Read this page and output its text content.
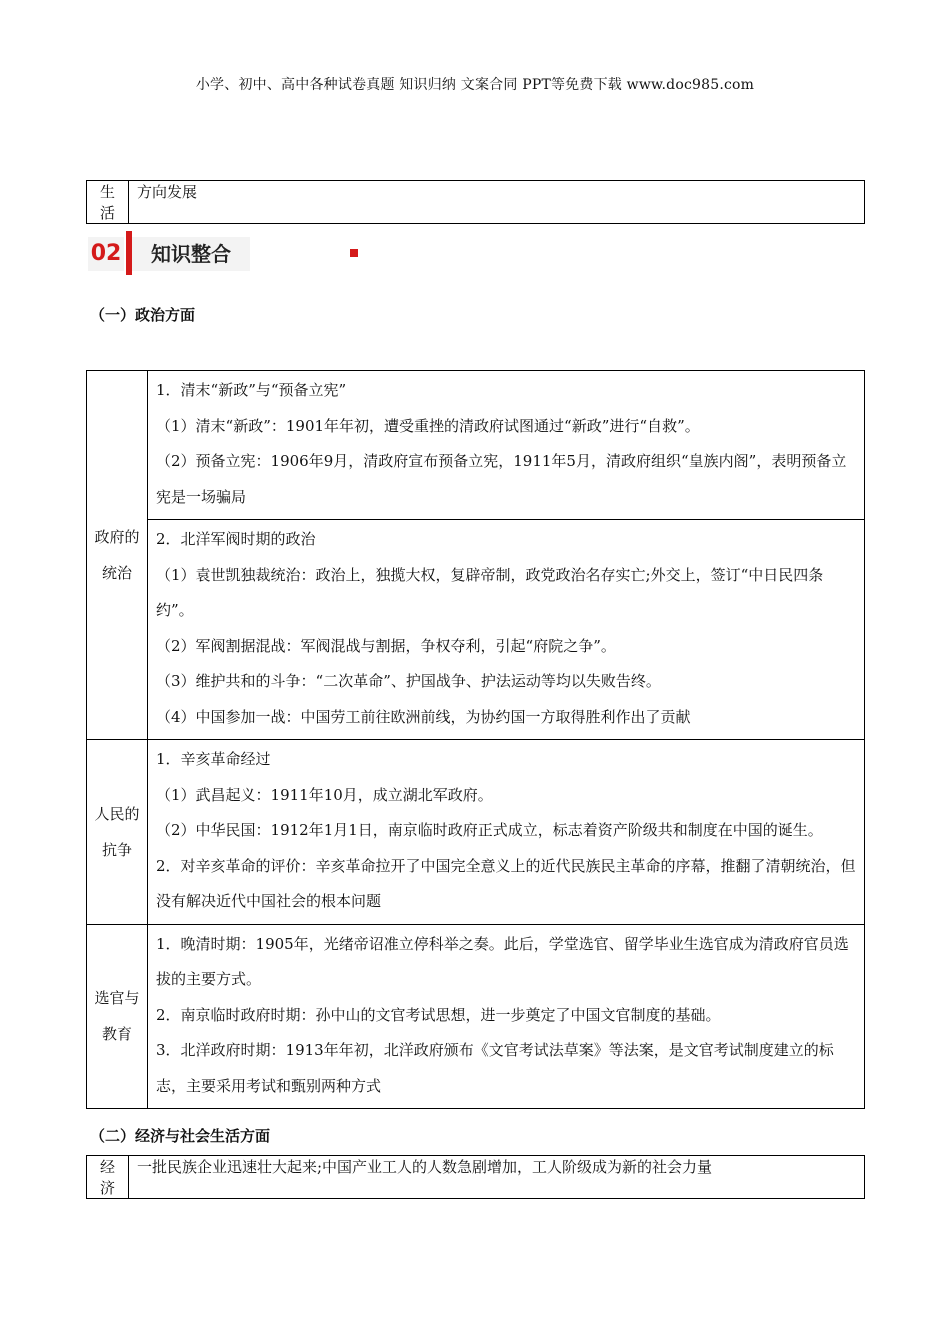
小学、初中、高中各种试卷真题 知识归纳 文案合同 PPT等免费下载 www.doc985.com
生活	方向发展
02	知识整合
（一）政治方面
政府的统治	1．清末“新政”与“预备立宪”
（1）清末“新政”：1901年年初，遭受重挫的清政府试图通过“新政”进行“自救”。
（2）预备立宪：1906年9月，清政府宣布预备立宪，1911年5月，清政府组织“皇族内阁”，表明预备立宪是一场骗局

	2．北洋军阀时期的政治
（1）袁世凯独裁统治：政治上，独揽大权，复辟帝制，政党政治名存实亡;外交上，签订“中日民四条约”。
（2）军阀割据混战：军阀混战与割据，争权夺利，引起“府院之争”。
（3）维护共和的斗争：“二次革命”、护国战争、护法运动等均以失败告终。
（4）中国参加一战：中国劳工前往欧洲前线，为协约国一方取得胜利作出了贡献

人民的抗争	1．辛亥革命经过
（1）武昌起义：1911年10月，成立湖北军政府。
（2）中华民国：1912年1月1日，南京临时政府正式成立，标志着资产阶级共和制度在中国的诞生。
2．对辛亥革命的评价：辛亥革命拉开了中国完全意义上的近代民族民主革命的序幕，推翻了清朝统治，但没有解决近代中国社会的根本问题

选官与教育	1．晚清时期：1905年，光绪帝诏准立停科举之奏。此后，学堂选官、留学毕业生选官成为清政府官员选拔的主要方式。
2．南京临时政府时期：孙中山的文官考试思想，进一步奠定了中国文官制度的基础。
3．北洋政府时期：1913年年初，北洋政府颁布《文官考试法草案》等法案，是文官考试制度建立的标志，主要采用考试和甄别两种方式
（二）经济与社会生活方面
经济	一批民族企业迅速壮大起来;中国产业工人的人数急剧增加，工人阶级成为新的社会力量
